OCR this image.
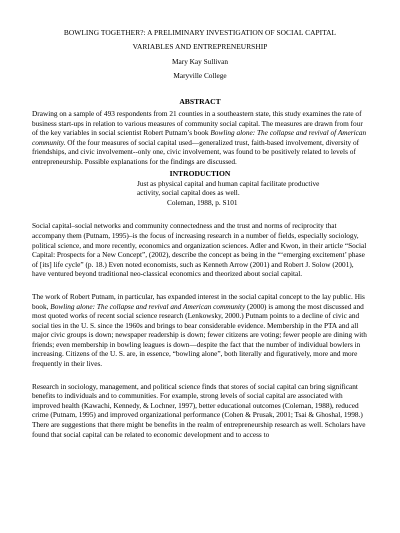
BOWLING TOGETHER?: A PRELIMINARY INVESTIGATION OF SOCIAL CAPITAL
VARIABLES AND ENTREPRENEURSHIP
Mary Kay Sullivan
Maryville College
ABSTRACT

Drawing on a sample of 493 respondents from 21 counties in a southeastern state, this study examines the rate of business start-ups in relation to various measures of community social capital. The measures are drawn from four of the key variables in social scientist Robert Putnam’s book Bowling alone: The collapse and revival of American community. Of the four measures of social capital used—generalized trust, faith-based involvement, diversity of friendships, and civic involvement--only one, civic involvement, was found to be positively related to levels of entrepreneurship. Possible explanations for the findings are discussed.

INTRODUCTION
Just as physical capital and human capital facilitate productive activity, social capital does as well.
Coleman, 1988, p. S101

Social capital–social networks and community connectedness and the trust and norms of reciprocity that accompany them (Putnam, 1995)–is the focus of increasing research in a number of fields, especially sociology, political science, and more recently, economics and organization sciences. Adler and Kwon, in their article “Social Capital: Prospects for a New Concept”, (2002), describe the concept as being in the “‘emerging excitement’ phase of [its] life cycle” (p. 18.) Even noted economists, such as Kenneth Arrow (2001) and Robert J. Solow (2001), have ventured beyond traditional neo-classical economics and theorized about social capital.

The work of Robert Putnam, in particular, has expanded interest in the social capital concept to the lay public. His book, Bowling alone: The collapse and revival and American community (2000) is among the most discussed and most quoted works of recent social science research (Lenkowsky, 2000.) Putnam points to a decline of civic and social ties in the U. S. since the 1960s and brings to bear considerable evidence. Membership in the PTA and all major civic groups is down; newspaper readership is down; fewer citizens are voting; fewer people are dining with friends; even membership in bowling leagues is down—despite the fact that the number of individual bowlers in increasing. Citizens of the U. S. are, in essence, “bowling alone”, both literally and figuratively, more and more frequently in their lives.

Research in sociology, management, and political science finds that stores of social capital can bring significant benefits to individuals and to communities. For example, strong levels of social capital are associated with improved health (Kawachi, Kennedy, & Lochner, 1997), better educational outcomes (Coleman, 1988), reduced crime (Putnam, 1995) and improved organizational performance (Cohen & Prusak, 2001; Tsai & Ghoshal, 1998.) There are suggestions that there might be benefits in the realm of entrepreneurship research as well. Scholars have found that social capital can be related to economic development and to access to
